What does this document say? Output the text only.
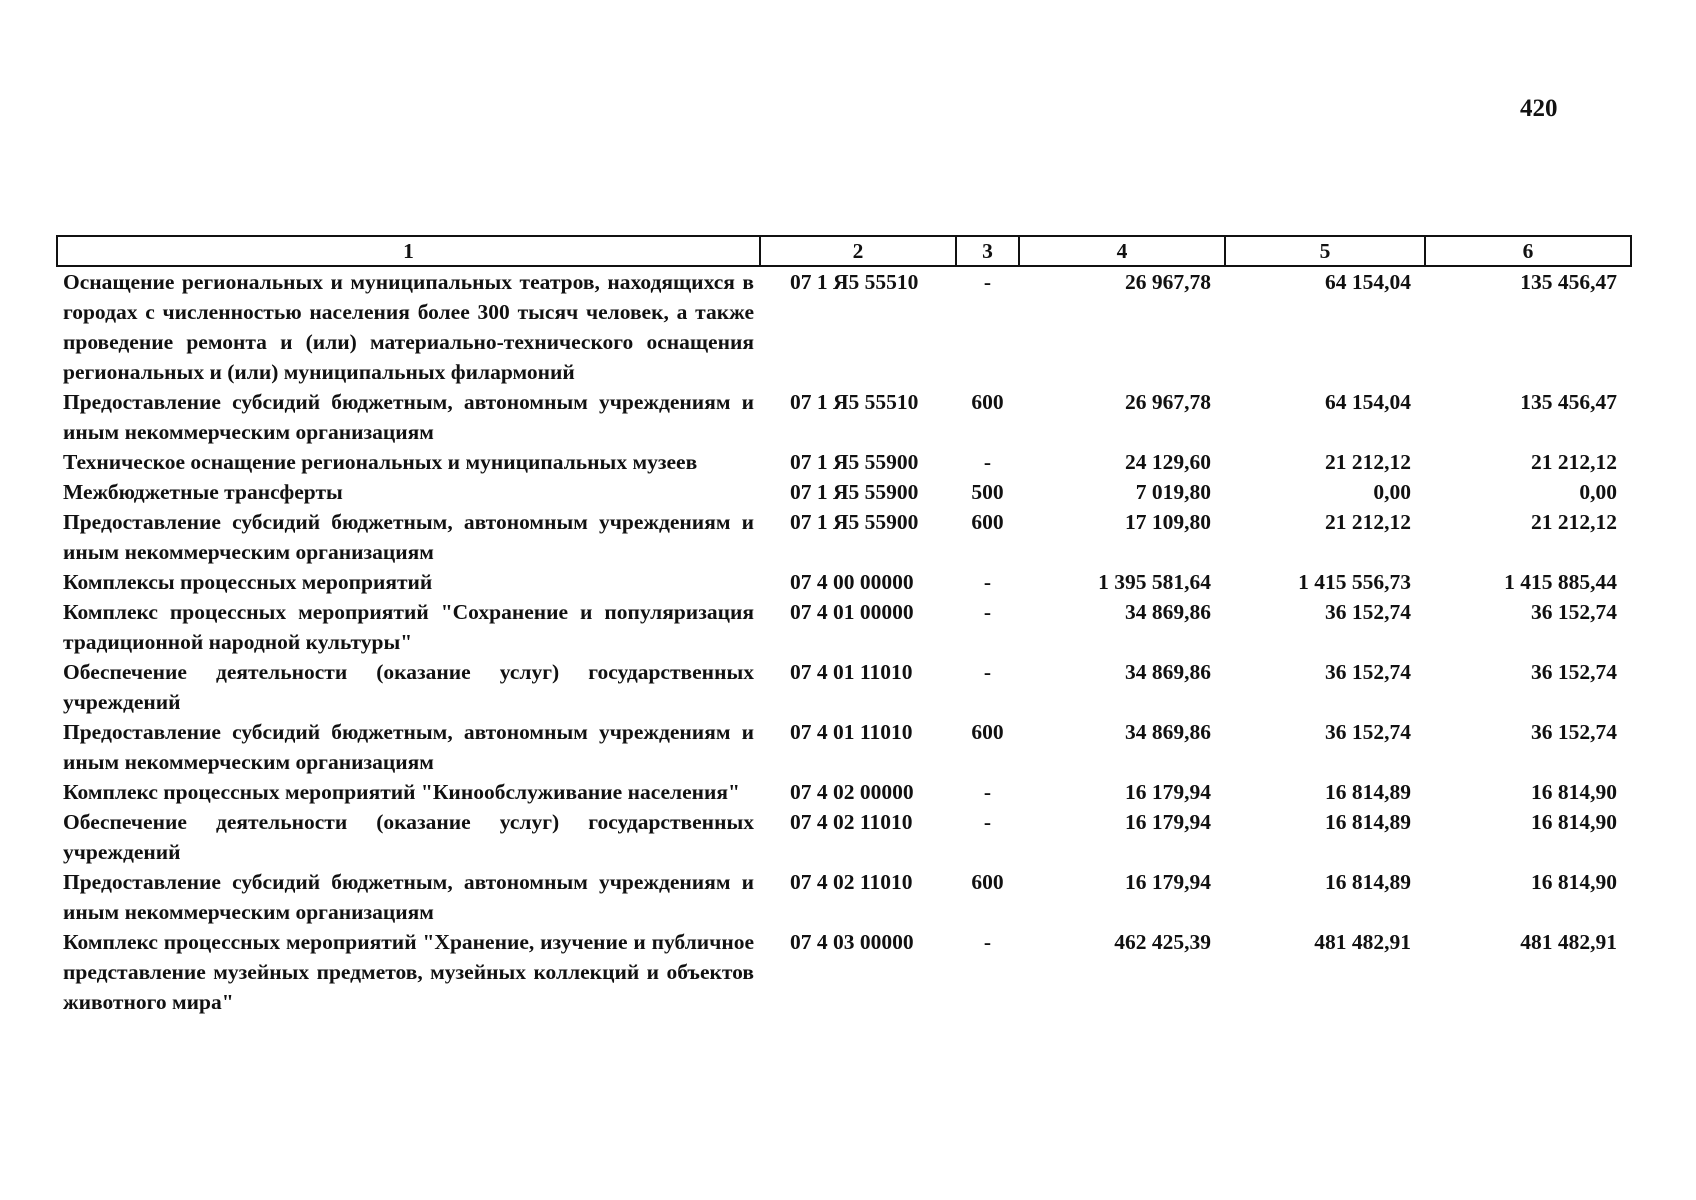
420
1	2	3	4	5	6
Оснащение региональных и муниципальных театров, находящихся в городах с численностью населения более 300 тысяч человек, а также проведение ремонта и (или) материально-технического оснащения региональных и (или) муниципальных филармоний	07 1 Я5 55510	-	26 967,78	64 154,04	135 456,47
Предоставление субсидий бюджетным, автономным учреждениям и иным некоммерческим организациям	07 1 Я5 55510	600	26 967,78	64 154,04	135 456,47
Техническое оснащение региональных и муниципальных музеев	07 1 Я5 55900	-	24 129,60	21 212,12	21 212,12
Межбюджетные трансферты	07 1 Я5 55900	500	7 019,80	0,00	0,00
Предоставление субсидий бюджетным, автономным учреждениям и иным некоммерческим организациям	07 1 Я5 55900	600	17 109,80	21 212,12	21 212,12
Комплексы процессных мероприятий	07 4 00 00000	-	1 395 581,64	1 415 556,73	1 415 885,44
Комплекс процессных мероприятий "Сохранение и популяризация традиционной народной культуры"	07 4 01 00000	-	34 869,86	36 152,74	36 152,74
Обеспечение деятельности (оказание услуг) государственных учреждений	07 4 01 11010	-	34 869,86	36 152,74	36 152,74
Предоставление субсидий бюджетным, автономным учреждениям и иным некоммерческим организациям	07 4 01 11010	600	34 869,86	36 152,74	36 152,74
Комплекс процессных мероприятий "Кинообслуживание населения"	07 4 02 00000	-	16 179,94	16 814,89	16 814,90
Обеспечение деятельности (оказание услуг) государственных учреждений	07 4 02 11010	-	16 179,94	16 814,89	16 814,90
Предоставление субсидий бюджетным, автономным учреждениям и иным некоммерческим организациям	07 4 02 11010	600	16 179,94	16 814,89	16 814,90
Комплекс процессных мероприятий "Хранение, изучение и публичное представление музейных предметов, музейных коллекций и объектов животного мира"	07 4 03 00000	-	462 425,39	481 482,91	481 482,91
